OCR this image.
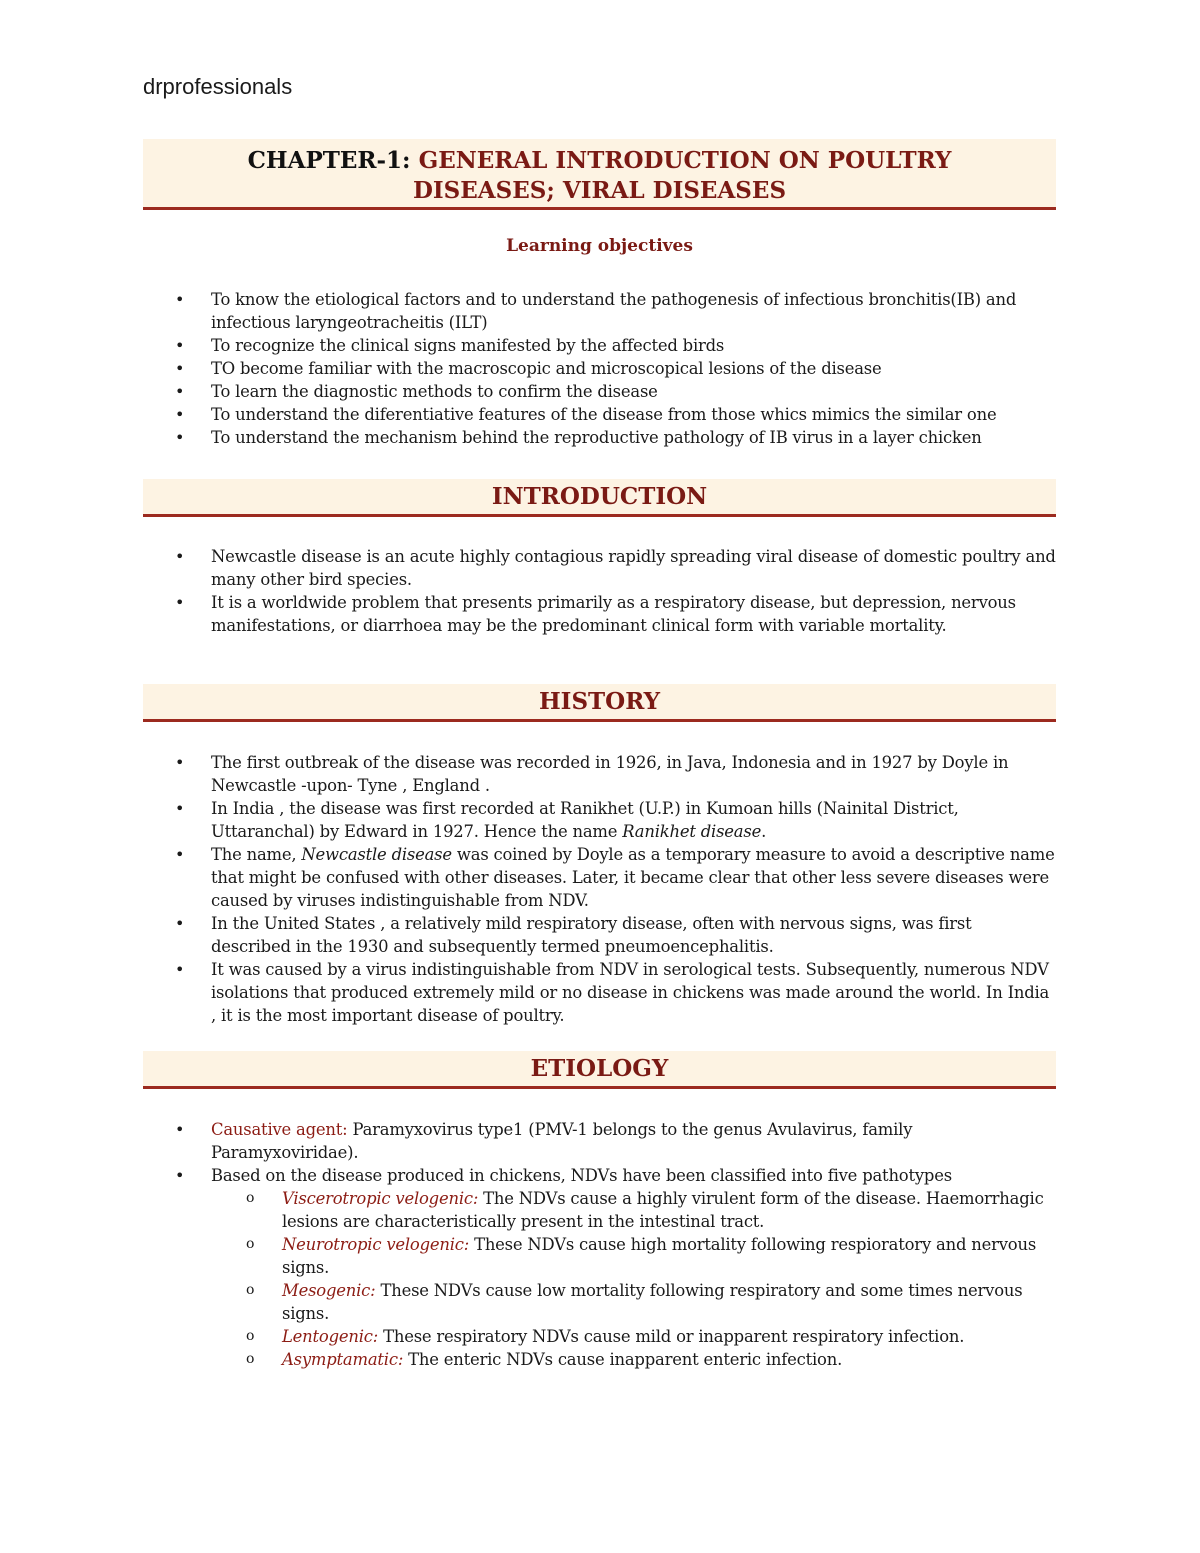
drprofessionals
CHAPTER-1: GENERAL INTRODUCTION ON POULTRY
DISEASES; VIRAL DISEASES
Learning objectives
• To know the etiological factors and to understand the pathogenesis of infectious bronchitis(IB) and infectious laryngeotracheitis (ILT)
• To recognize the clinical signs manifested by the affected birds
• TO become familiar with the macroscopic and microscopical lesions of the disease
• To learn the diagnostic methods to confirm the disease
• To understand the diferentiative features of the disease from those whics mimics the similar one
• To understand the mechanism behind the reproductive pathology of IB virus in a layer chicken
INTRODUCTION
• Newcastle disease is an acute highly contagious rapidly spreading viral disease of domestic poultry and many other bird species.
• It is a worldwide problem that presents primarily as a respiratory disease, but depression, nervous manifestations, or diarrhoea may be the predominant clinical form with variable mortality.
HISTORY
• The first outbreak of the disease was recorded in 1926, in Java, Indonesia and in 1927 by Doyle in Newcastle -upon- Tyne , England .
• In India , the disease was first recorded at Ranikhet (U.P.) in Kumoan hills (Nainital District, Uttaranchal) by Edward in 1927. Hence the name Ranikhet disease.
• The name, Newcastle disease was coined by Doyle as a temporary measure to avoid a descriptive name that might be confused with other diseases. Later, it became clear that other less severe diseases were caused by viruses indistinguishable from NDV.
• In the United States , a relatively mild respiratory disease, often with nervous signs, was first described in the 1930 and subsequently termed pneumoencephalitis.
• It was caused by a virus indistinguishable from NDV in serological tests. Subsequently, numerous NDV isolations that produced extremely mild or no disease in chickens was made around the world. In India , it is the most important disease of poultry.
ETIOLOGY
• Causative agent: Paramyxovirus type1 (PMV-1 belongs to the genus Avulavirus, family Paramyxoviridae).
• Based on the disease produced in chickens, NDVs have been classified into five pathotypes
o Viscerotropic velogenic: The NDVs cause a highly virulent form of the disease. Haemorrhagic lesions are characteristically present in the intestinal tract.
o Neurotropic velogenic: These NDVs cause high mortality following respioratory and nervous signs.
o Mesogenic: These NDVs cause low mortality following respiratory and some times nervous signs.
o Lentogenic: These respiratory NDVs cause mild or inapparent respiratory infection.
o Asymptamatic: The enteric NDVs cause inapparent enteric infection.
